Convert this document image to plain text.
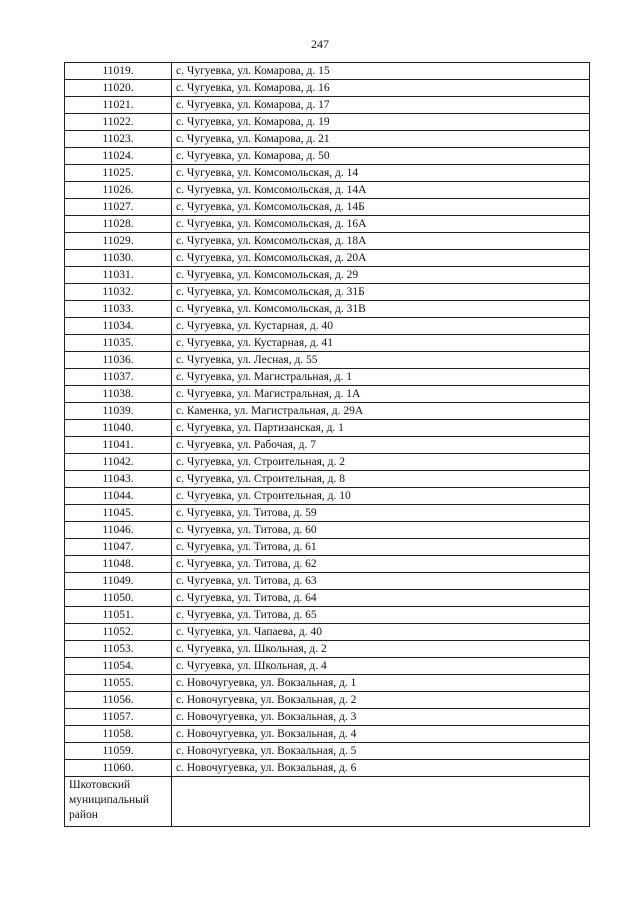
247
11019.	с. Чугуевка, ул. Комарова, д. 15
11020.	с. Чугуевка, ул. Комарова, д. 16
11021.	с. Чугуевка, ул. Комарова, д. 17
11022.	с. Чугуевка, ул. Комарова, д. 19
11023.	с. Чугуевка, ул. Комарова, д. 21
11024.	с. Чугуевка, ул. Комарова, д. 50
11025.	с. Чугуевка, ул. Комсомольская, д. 14
11026.	с. Чугуевка, ул. Комсомольская, д. 14А
11027.	с. Чугуевка, ул. Комсомольская, д. 14Б
11028.	с. Чугуевка, ул. Комсомольская, д. 16А
11029.	с. Чугуевка, ул. Комсомольская, д. 18А
11030.	с. Чугуевка, ул. Комсомольская, д. 20А
11031.	с. Чугуевка, ул. Комсомольская, д. 29
11032.	с. Чугуевка, ул. Комсомольская, д. 31Б
11033.	с. Чугуевка, ул. Комсомольская, д. 31В
11034.	с. Чугуевка, ул. Кустарная, д. 40
11035.	с. Чугуевка, ул. Кустарная, д. 41
11036.	с. Чугуевка, ул. Лесная, д. 55
11037.	с. Чугуевка, ул. Магистральная, д. 1
11038.	с. Чугуевка, ул. Магистральная, д. 1А
11039.	с. Каменка, ул. Магистральная, д. 29А
11040.	с. Чугуевка, ул. Партизанская, д. 1
11041.	с. Чугуевка, ул. Рабочая, д. 7
11042.	с. Чугуевка, ул. Строительная, д. 2
11043.	с. Чугуевка, ул. Строительная, д. 8
11044.	с. Чугуевка, ул. Строительная, д. 10
11045.	с. Чугуевка, ул. Титова, д. 59
11046.	с. Чугуевка, ул. Титова, д. 60
11047.	с. Чугуевка, ул. Титова, д. 61
11048.	с. Чугуевка, ул. Титова, д. 62
11049.	с. Чугуевка, ул. Титова, д. 63
11050.	с. Чугуевка, ул. Титова, д. 64
11051.	с. Чугуевка, ул. Титова, д. 65
11052.	с. Чугуевка, ул. Чапаева, д. 40
11053.	с. Чугуевка, ул. Школьная, д. 2
11054.	с. Чугуевка, ул. Школьная, д. 4
11055.	с. Новочугуевка, ул. Вокзальная, д. 1
11056.	с. Новочугуевка, ул. Вокзальная, д. 2
11057.	с. Новочугуевка, ул. Вокзальная, д. 3
11058.	с. Новочугуевка, ул. Вокзальная, д. 4
11059.	с. Новочугуевка, ул. Вокзальная, д. 5
11060.	с. Новочугуевка, ул. Вокзальная, д. 6

Шкотовский
муниципальный
район	
